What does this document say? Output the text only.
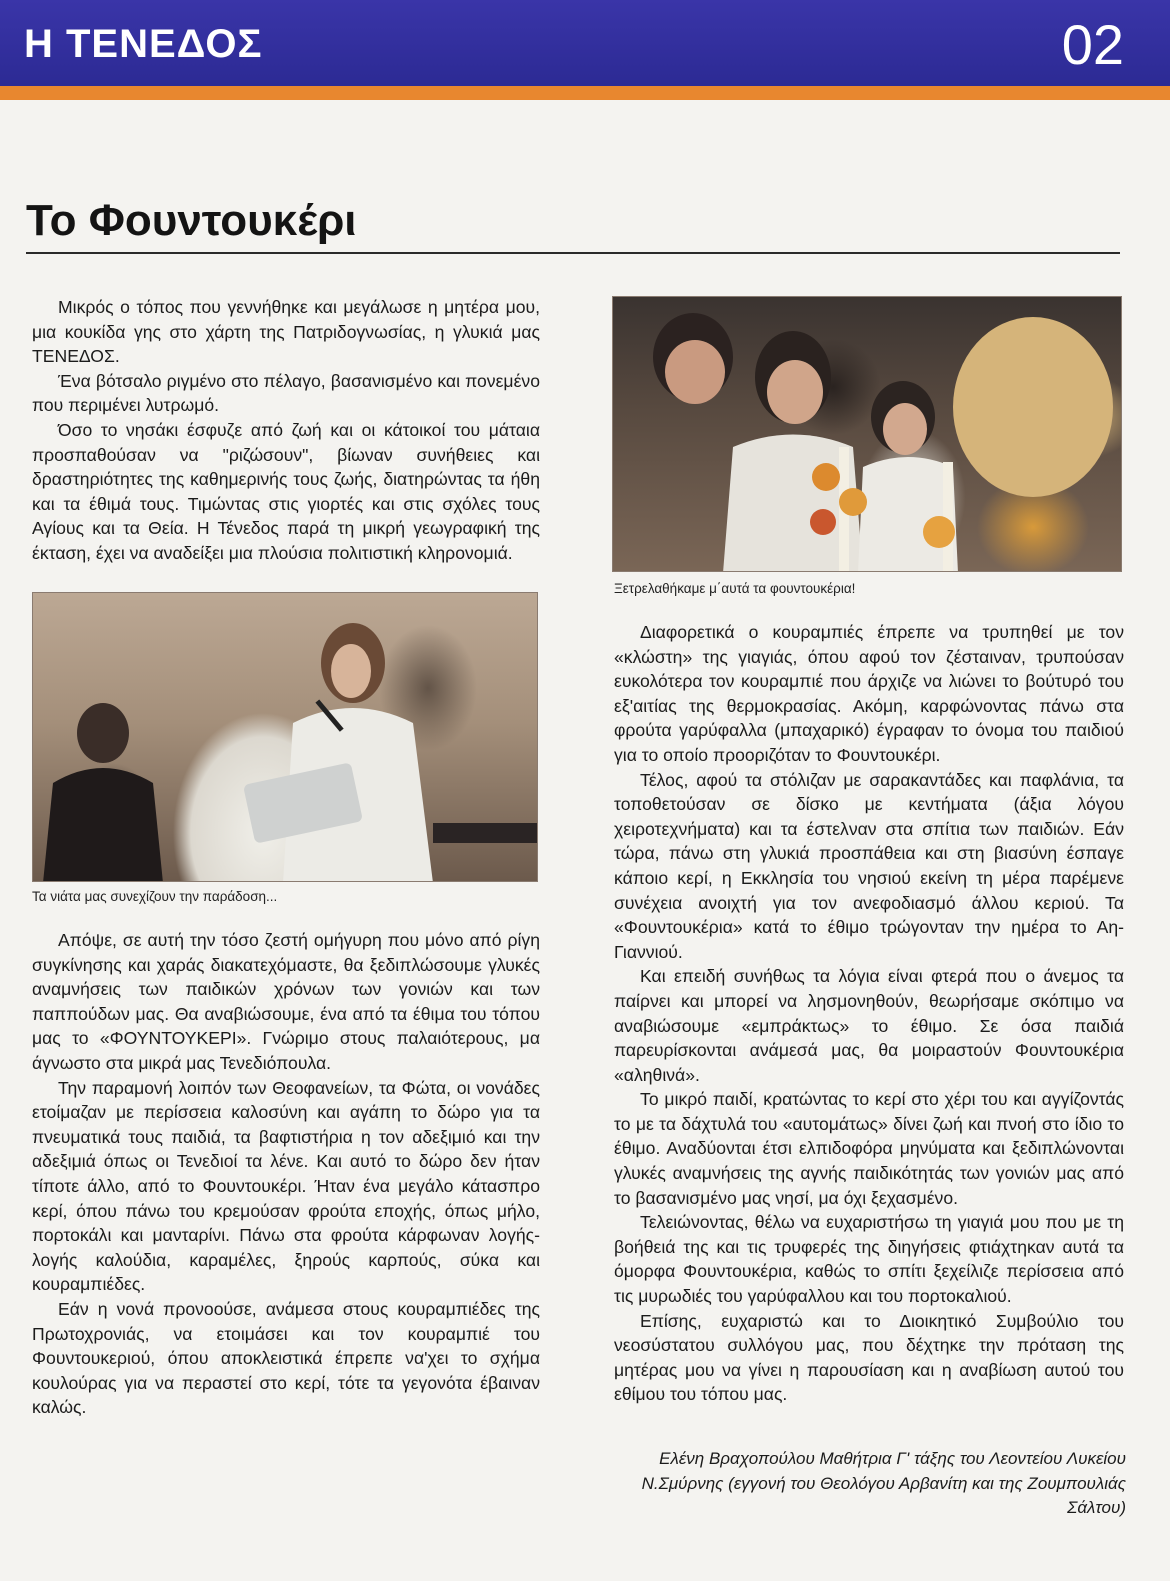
Η ΤΕΝΕΔΟΣ	02
Το Φουντουκέρι

Μικρός ο τόπος που γεννήθηκε και μεγάλωσε η μητέρα μου, μια κουκίδα γης στο χάρτη της Πατριδογνωσίας, η γλυκιά μας ΤΕΝΕΔΟΣ.

Ένα βότσαλο ριγμένο στο πέλαγο, βασανισμένο και πονεμένο που περιμένει λυτρωμό.

Όσο το νησάκι έσφυζε από ζωή και οι κάτοικοί του μάταια προσπαθούσαν να "ριζώσουν", βίωναν συνήθειες και δραστηριότητες της καθημερινής τους ζωής, διατηρώντας τα ήθη και τα έθιμά τους. Τιμώντας στις γιορτές και στις σχόλες τους Αγίους και τα Θεία. Η Τένεδος παρά τη μικρή γεωγραφική της έκταση, έχει να αναδείξει μια πλούσια πολιτιστική κληρονομιά.

Τα νιάτα μας συνεχίζουν την παράδοση...

Απόψε, σε αυτή την τόσο ζεστή ομήγυρη που μόνο από ρίγη συγκίνησης και χαράς διακατεχόμαστε, θα ξεδιπλώσουμε γλυκές αναμνήσεις των παιδικών χρόνων των γονιών και των παππούδων μας. Θα αναβιώσουμε, ένα από τα έθιμα του τόπου μας το «ΦΟΥΝΤΟΥΚΕΡΙ». Γνώριμο στους παλαιότερους, μα άγνωστο στα μικρά μας Τενεδιόπουλα.

Την παραμονή λοιπόν των Θεοφανείων, τα Φώτα, οι νονάδες ετοίμαζαν με περίσσεια καλοσύνη και αγάπη το δώρο για τα πνευματικά τους παιδιά, τα βαφτιστήρια η τον αδεξιμιό και την αδεξιμιά όπως οι Τενεδιοί τα λένε. Και αυτό το δώρο δεν ήταν τίποτε άλλο, από το Φουντουκέρι. Ήταν ένα μεγάλο κάτασπρο κερί, όπου πάνω του κρεμούσαν φρούτα εποχής, όπως μήλο, πορτοκάλι και μανταρίνι. Πάνω στα φρούτα κάρφωναν λογής-λογής καλούδια, καραμέλες, ξηρούς καρπούς, σύκα και κουραμπιέδες.

Εάν η νονά προνοούσε, ανάμεσα στους κουραμπιέδες της Πρωτοχρονιάς, να ετοιμάσει και τον κουραμπιέ του Φουντουκεριού, όπου αποκλειστικά έπρεπε να'χει το σχήμα κουλούρας για να περαστεί στο κερί, τότε τα γεγονότα έβαιναν καλώς.

Ξετρελαθήκαμε μ΄αυτά τα φουντουκέρια!

Διαφορετικά ο κουραμπιές έπρεπε να τρυπηθεί με τον «κλώστη» της γιαγιάς, όπου αφού τον ζέσταιναν, τρυπούσαν ευκολότερα τον κουραμπιέ που άρχιζε να λιώνει το βούτυρό του εξ'αιτίας της θερμοκρασίας. Ακόμη, καρφώνοντας πάνω στα φρούτα γαρύφαλλα (μπαχαρικό) έγραφαν το όνομα του παιδιού για το οποίο προοριζόταν το Φουντουκέρι.

Τέλος, αφού τα στόλιζαν με σαρακαντάδες και παφλάνια, τα τοποθετούσαν σε δίσκο με κεντήματα (άξια λόγου χειροτεχνήματα) και τα έστελναν στα σπίτια των παιδιών. Εάν τώρα, πάνω στη γλυκιά προσπάθεια και στη βιασύνη έσπαγε κάποιο κερί, η Εκκλησία του νησιού εκείνη τη μέρα παρέμενε συνέχεια ανοιχτή για τον ανεφοδιασμό άλλου κεριού. Τα «Φουντουκέρια» κατά το έθιμο τρώγονταν την ημέρα το Αη-Γιαννιού.

Και επειδή συνήθως τα λόγια είναι φτερά που ο άνεμος τα παίρνει και μπορεί να λησμονηθούν, θεωρήσαμε σκόπιμο να αναβιώσουμε «εμπράκτως» το έθιμο. Σε όσα παιδιά παρευρίσκονται ανάμεσά μας, θα μοιραστούν Φουντουκέρια «αληθινά».

Το μικρό παιδί, κρατώντας το κερί στο χέρι του και αγγίζοντάς το με τα δάχτυλά του «αυτομάτως» δίνει ζωή και πνοή στο ίδιο το έθιμο. Αναδύονται έτσι ελπιδοφόρα μηνύματα και ξεδιπλώνονται γλυκές αναμνήσεις της αγνής παιδικότητάς των γονιών μας από το βασανισμένο μας νησί, μα όχι ξεχασμένο.

Τελειώνοντας, θέλω να ευχαριστήσω τη γιαγιά μου που με τη βοήθειά της και τις τρυφερές της διηγήσεις φτιάχτηκαν αυτά τα όμορφα Φουντουκέρια, καθώς το σπίτι ξεχείλιζε περίσσεια από τις μυρωδιές του γαρύφαλλου και του πορτοκαλιού.

Επίσης, ευχαριστώ και το Διοικητικό Συμβούλιο του νεοσύστατου συλλόγου μας, που δέχτηκε την πρόταση της μητέρας μου να γίνει η παρουσίαση και η αναβίωση αυτού του εθίμου του τόπου μας.

Ελένη Βραχοπούλου Μαθήτρια Γ' τάξης του Λεοντείου Λυκείου Ν.Σμύρνης (εγγονή του Θεολόγου Αρβανίτη και της Ζουμπουλιάς Σάλτου)
